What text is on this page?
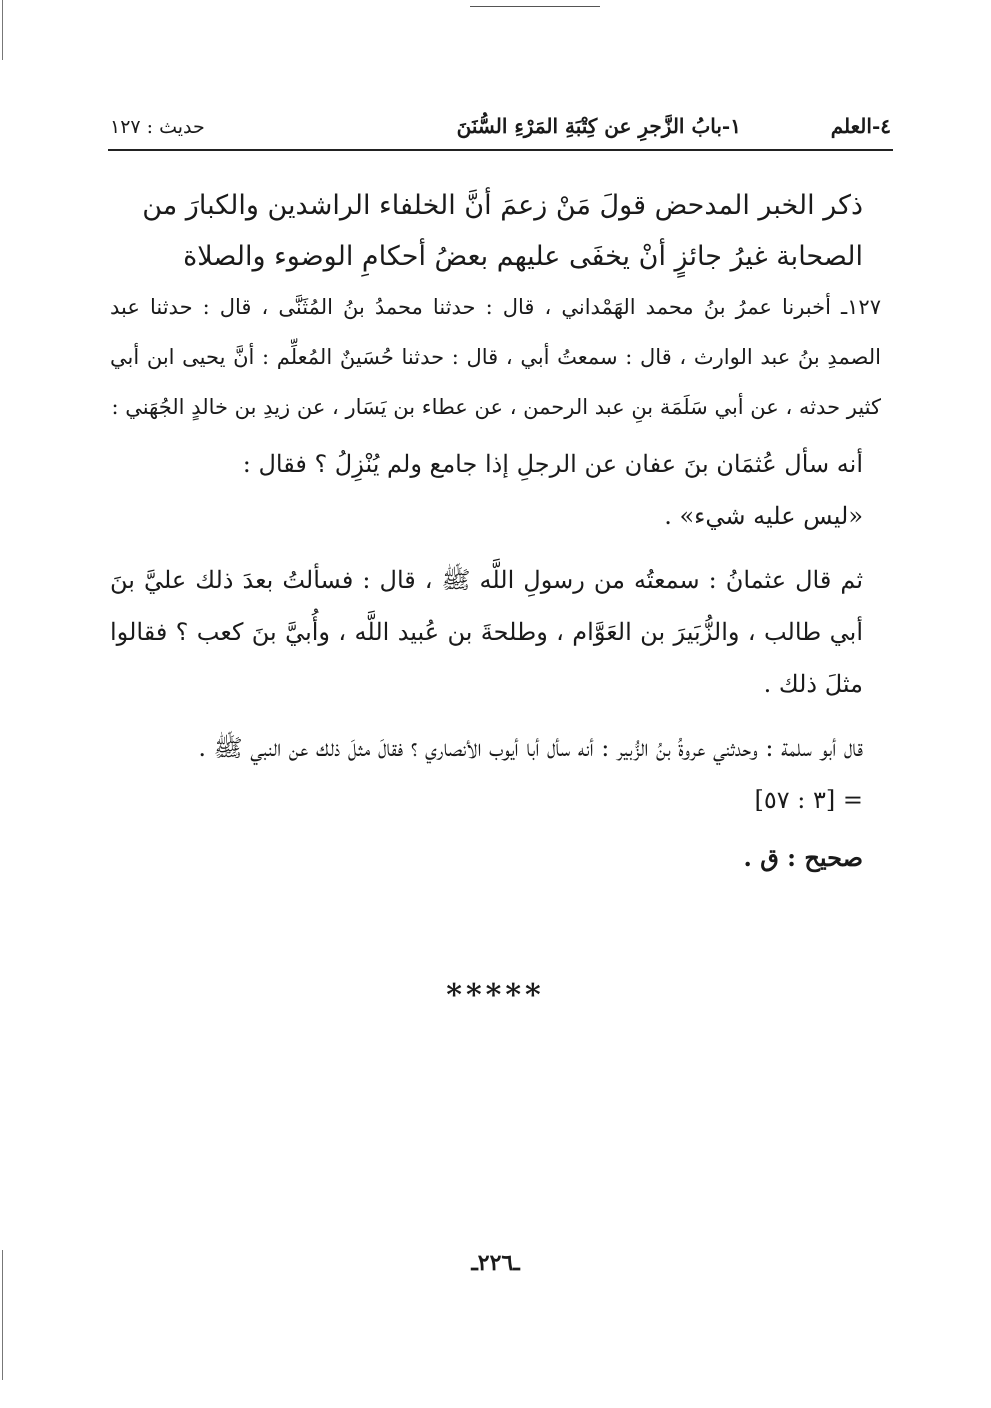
٤-العلم
١-بابُ الزَّجرِ عن كِتْبَةِ المَرْءِ السُّنَنَ
حديث : ١٢٧

ذكر الخبر المدحض قولَ مَنْ زعمَ أنَّ الخلفاء الراشدين والكبارَ من

الصحابة غيرُ جائزٍ أنْ يخفَى عليهم بعضُ أحكامِ الوضوء والصلاة

١٢٧ـ أخبرنا عمرُ بنُ محمد الهَمْداني ، قال : حدثنا محمدُ بنُ المُثَنَّى ، قال : حدثنا عبد الصمدِ بنُ عبد الوارث ، قال : سمعتُ أبي ، قال : حدثنا حُسَينٌ المُعلِّم : أنَّ يحيى ابن أبي كثير حدثه ، عن أبي سَلَمَة بنِ عبد الرحمن ، عن عطاء بن يَسَار ، عن زيدِ بن خالدٍ الجُهَني :

أنه سأل عُثمَان بنَ عفان عن الرجلِ إذا جامع ولم يُنْزِلُ ؟ فقال :

«ليس عليه شيء» .

ثم قال عثمانُ : سمعتُه من رسولِ اللَّه ﷺ ، قال : فسألتُ بعدَ ذلك عليَّ بنَ أبي طالب ، والزُّبَيرَ بن العَوَّام ، وطلحةَ بن عُبيد اللَّه ، وأُبيَّ بنَ كعب ؟ فقالوا مثلَ ذلك .

قال أبو سلمة : وحدثني عروةُ بنُ الزُّبير : أنه سأل أبا أيوب الأنصاري ؟ فقالَ مثلَ ذلك عن النبي ﷺ .

= [٣ : ٥٧]

صحيح : ق .

*****
ـ٢٢٦ـ
